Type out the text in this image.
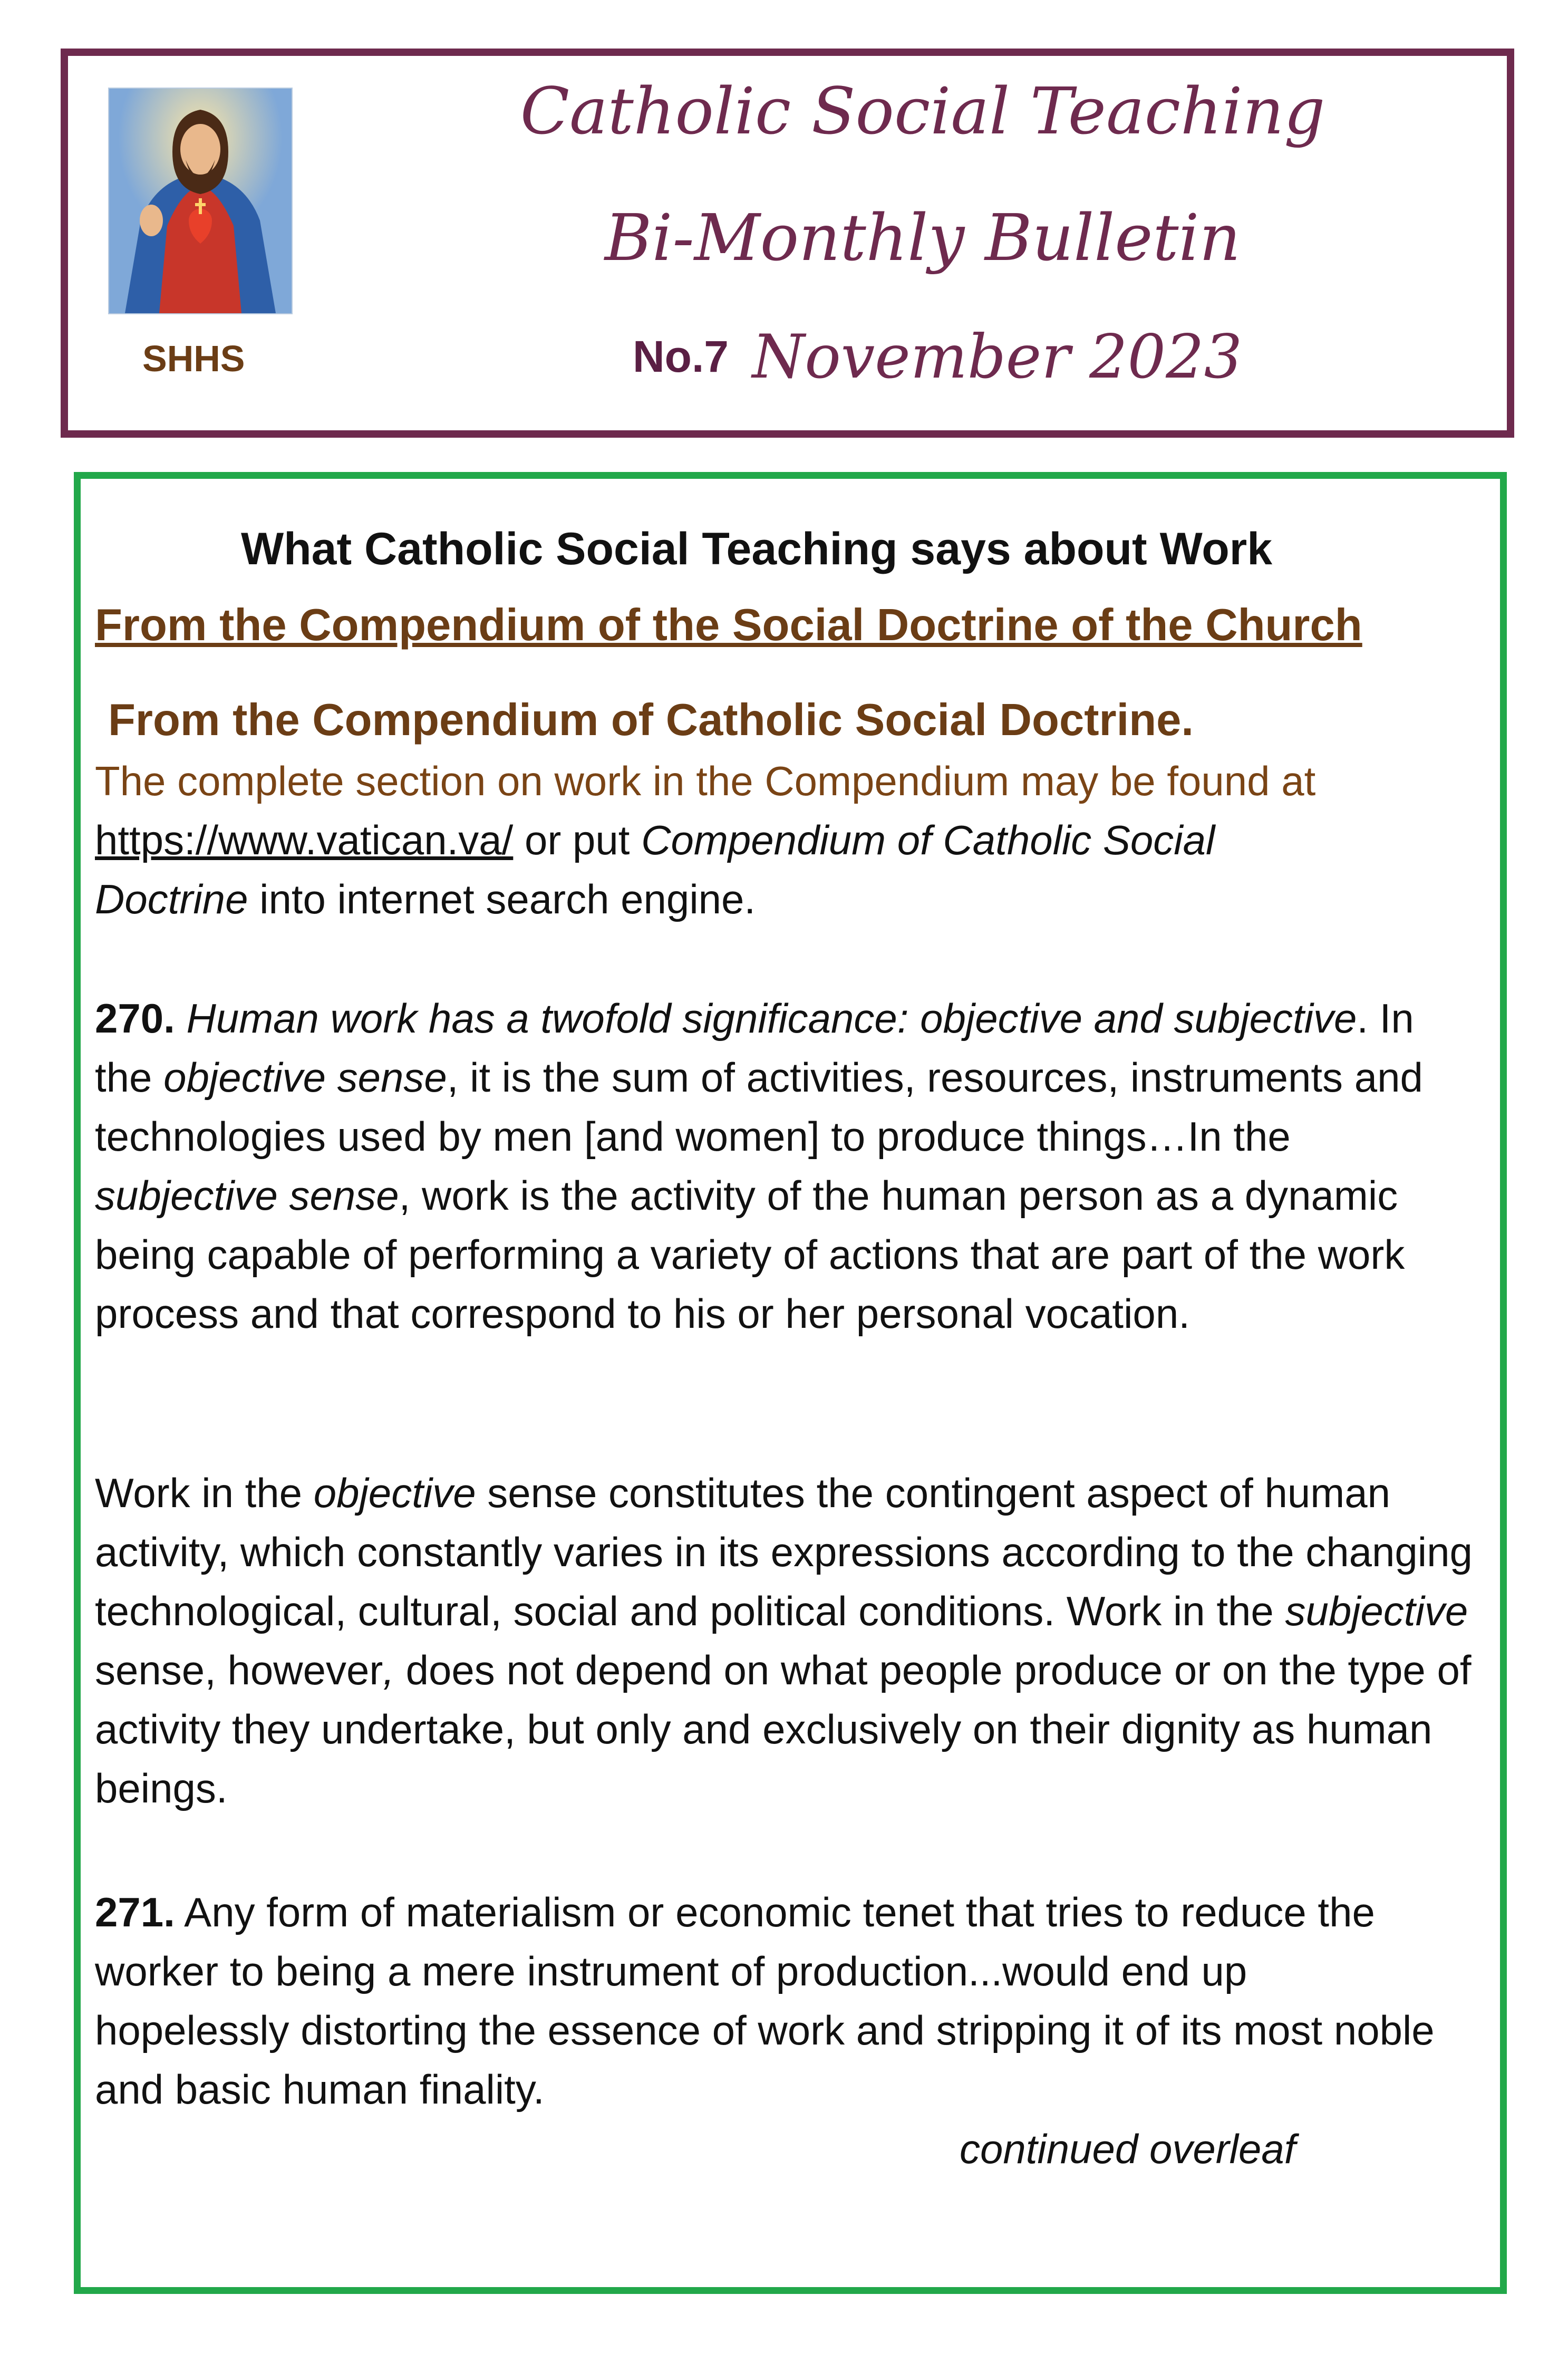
SHHS
Catholic Social Teaching
Bi-Monthly Bulletin
No.7 November 2023
What Catholic Social Teaching says about Work
From the Compendium of the Social Doctrine of the Church
From the Compendium of Catholic Social Doctrine.
The complete section on work in the Compendium may be found at
https://www.vatican.va/ or put Compendium of Catholic Social
Doctrine into internet search engine.
270. Human work has a twofold significance: objective and subjective. In the objective sense, it is the sum of activities, resources, instruments and technologies used by men [and women] to produce things…In the subjective sense, work is the activity of the human person as a dynamic being capable of performing a variety of actions that are part of the work process and that correspond to his or her personal vocation.
Work in the objective sense constitutes the contingent aspect of human activity, which constantly varies in its expressions according to the changing technological, cultural, social and political conditions. Work in the subjective sense, however, does not depend on what people produce or on the type of activity they undertake, but only and exclusively on their dignity as human beings.
271. Any form of materialism or economic tenet that tries to reduce the worker to being a mere instrument of production...would end up hopelessly distorting the essence of work and stripping it of its most noble and basic human finality.
continued overleaf
